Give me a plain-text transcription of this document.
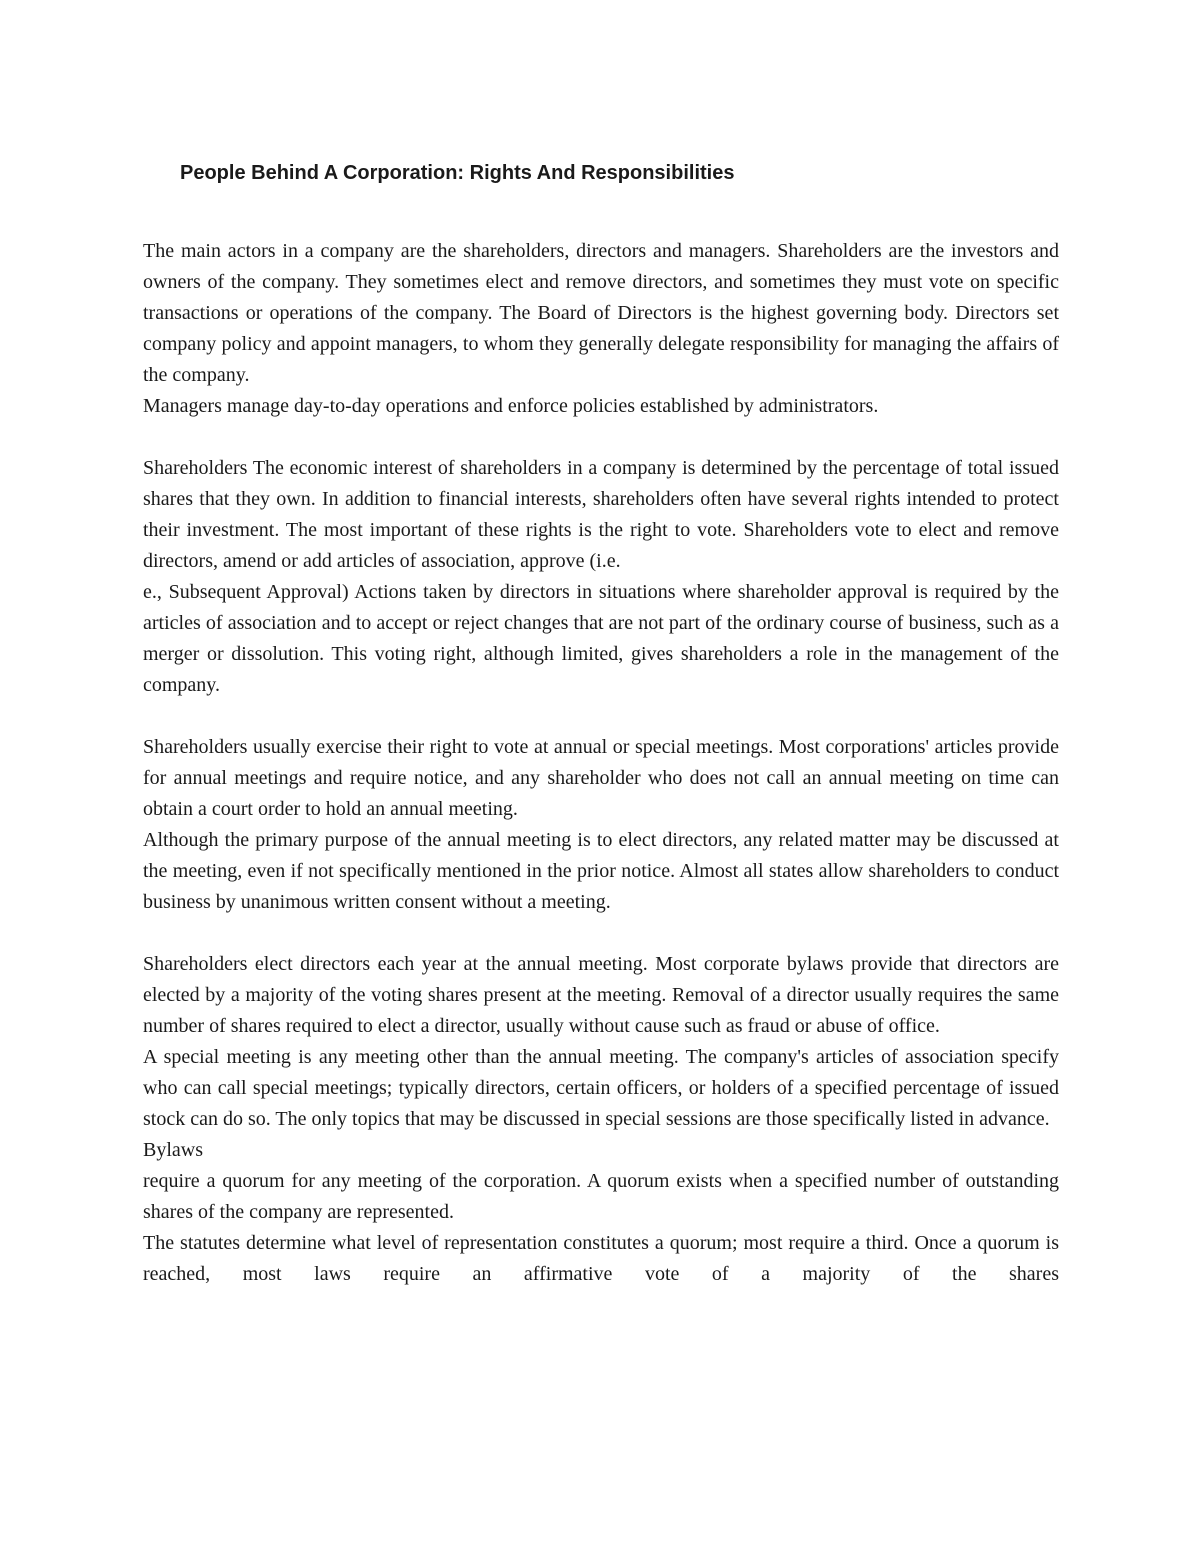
People Behind A Corporation: Rights And Responsibilities

The main actors in a company are the shareholders, directors and managers. Shareholders are the investors and owners of the company. They sometimes elect and remove directors, and sometimes they must vote on specific transactions or operations of the company. The Board of Directors is the highest governing body. Directors set company policy and appoint managers, to whom they generally delegate responsibility for managing the affairs of the company.
Managers manage day-to-day operations and enforce policies established by administrators.

Shareholders The economic interest of shareholders in a company is determined by the percentage of total issued shares that they own. In addition to financial interests, shareholders often have several rights intended to protect their investment. The most important of these rights is the right to vote. Shareholders vote to elect and remove directors, amend or add articles of association, approve (i.e.
e., Subsequent Approval) Actions taken by directors in situations where shareholder approval is required by the articles of association and to accept or reject changes that are not part of the ordinary course of business, such as a merger or dissolution. This voting right, although limited, gives shareholders a role in the management of the company.

Shareholders usually exercise their right to vote at annual or special meetings. Most corporations' articles provide for annual meetings and require notice, and any shareholder who does not call an annual meeting on time can obtain a court order to hold an annual meeting.
Although the primary purpose of the annual meeting is to elect directors, any related matter may be discussed at the meeting, even if not specifically mentioned in the prior notice. Almost all states allow shareholders to conduct business by unanimous written consent without a meeting.

Shareholders elect directors each year at the annual meeting. Most corporate bylaws provide that directors are elected by a majority of the voting shares present at the meeting. Removal of a director usually requires the same number of shares required to elect a director, usually without cause such as fraud or abuse of office.
A special meeting is any meeting other than the annual meeting. The company's articles of association specify who can call special meetings; typically directors, certain officers, or holders of a specified percentage of issued stock can do so. The only topics that may be discussed in special sessions are those specifically listed in advance.
Bylaws
require a quorum for any meeting of the corporation. A quorum exists when a specified number of outstanding shares of the company are represented.
The statutes determine what level of representation constitutes a quorum; most require a third. Once a quorum is reached, most laws require an affirmative vote of a majority of the shares
